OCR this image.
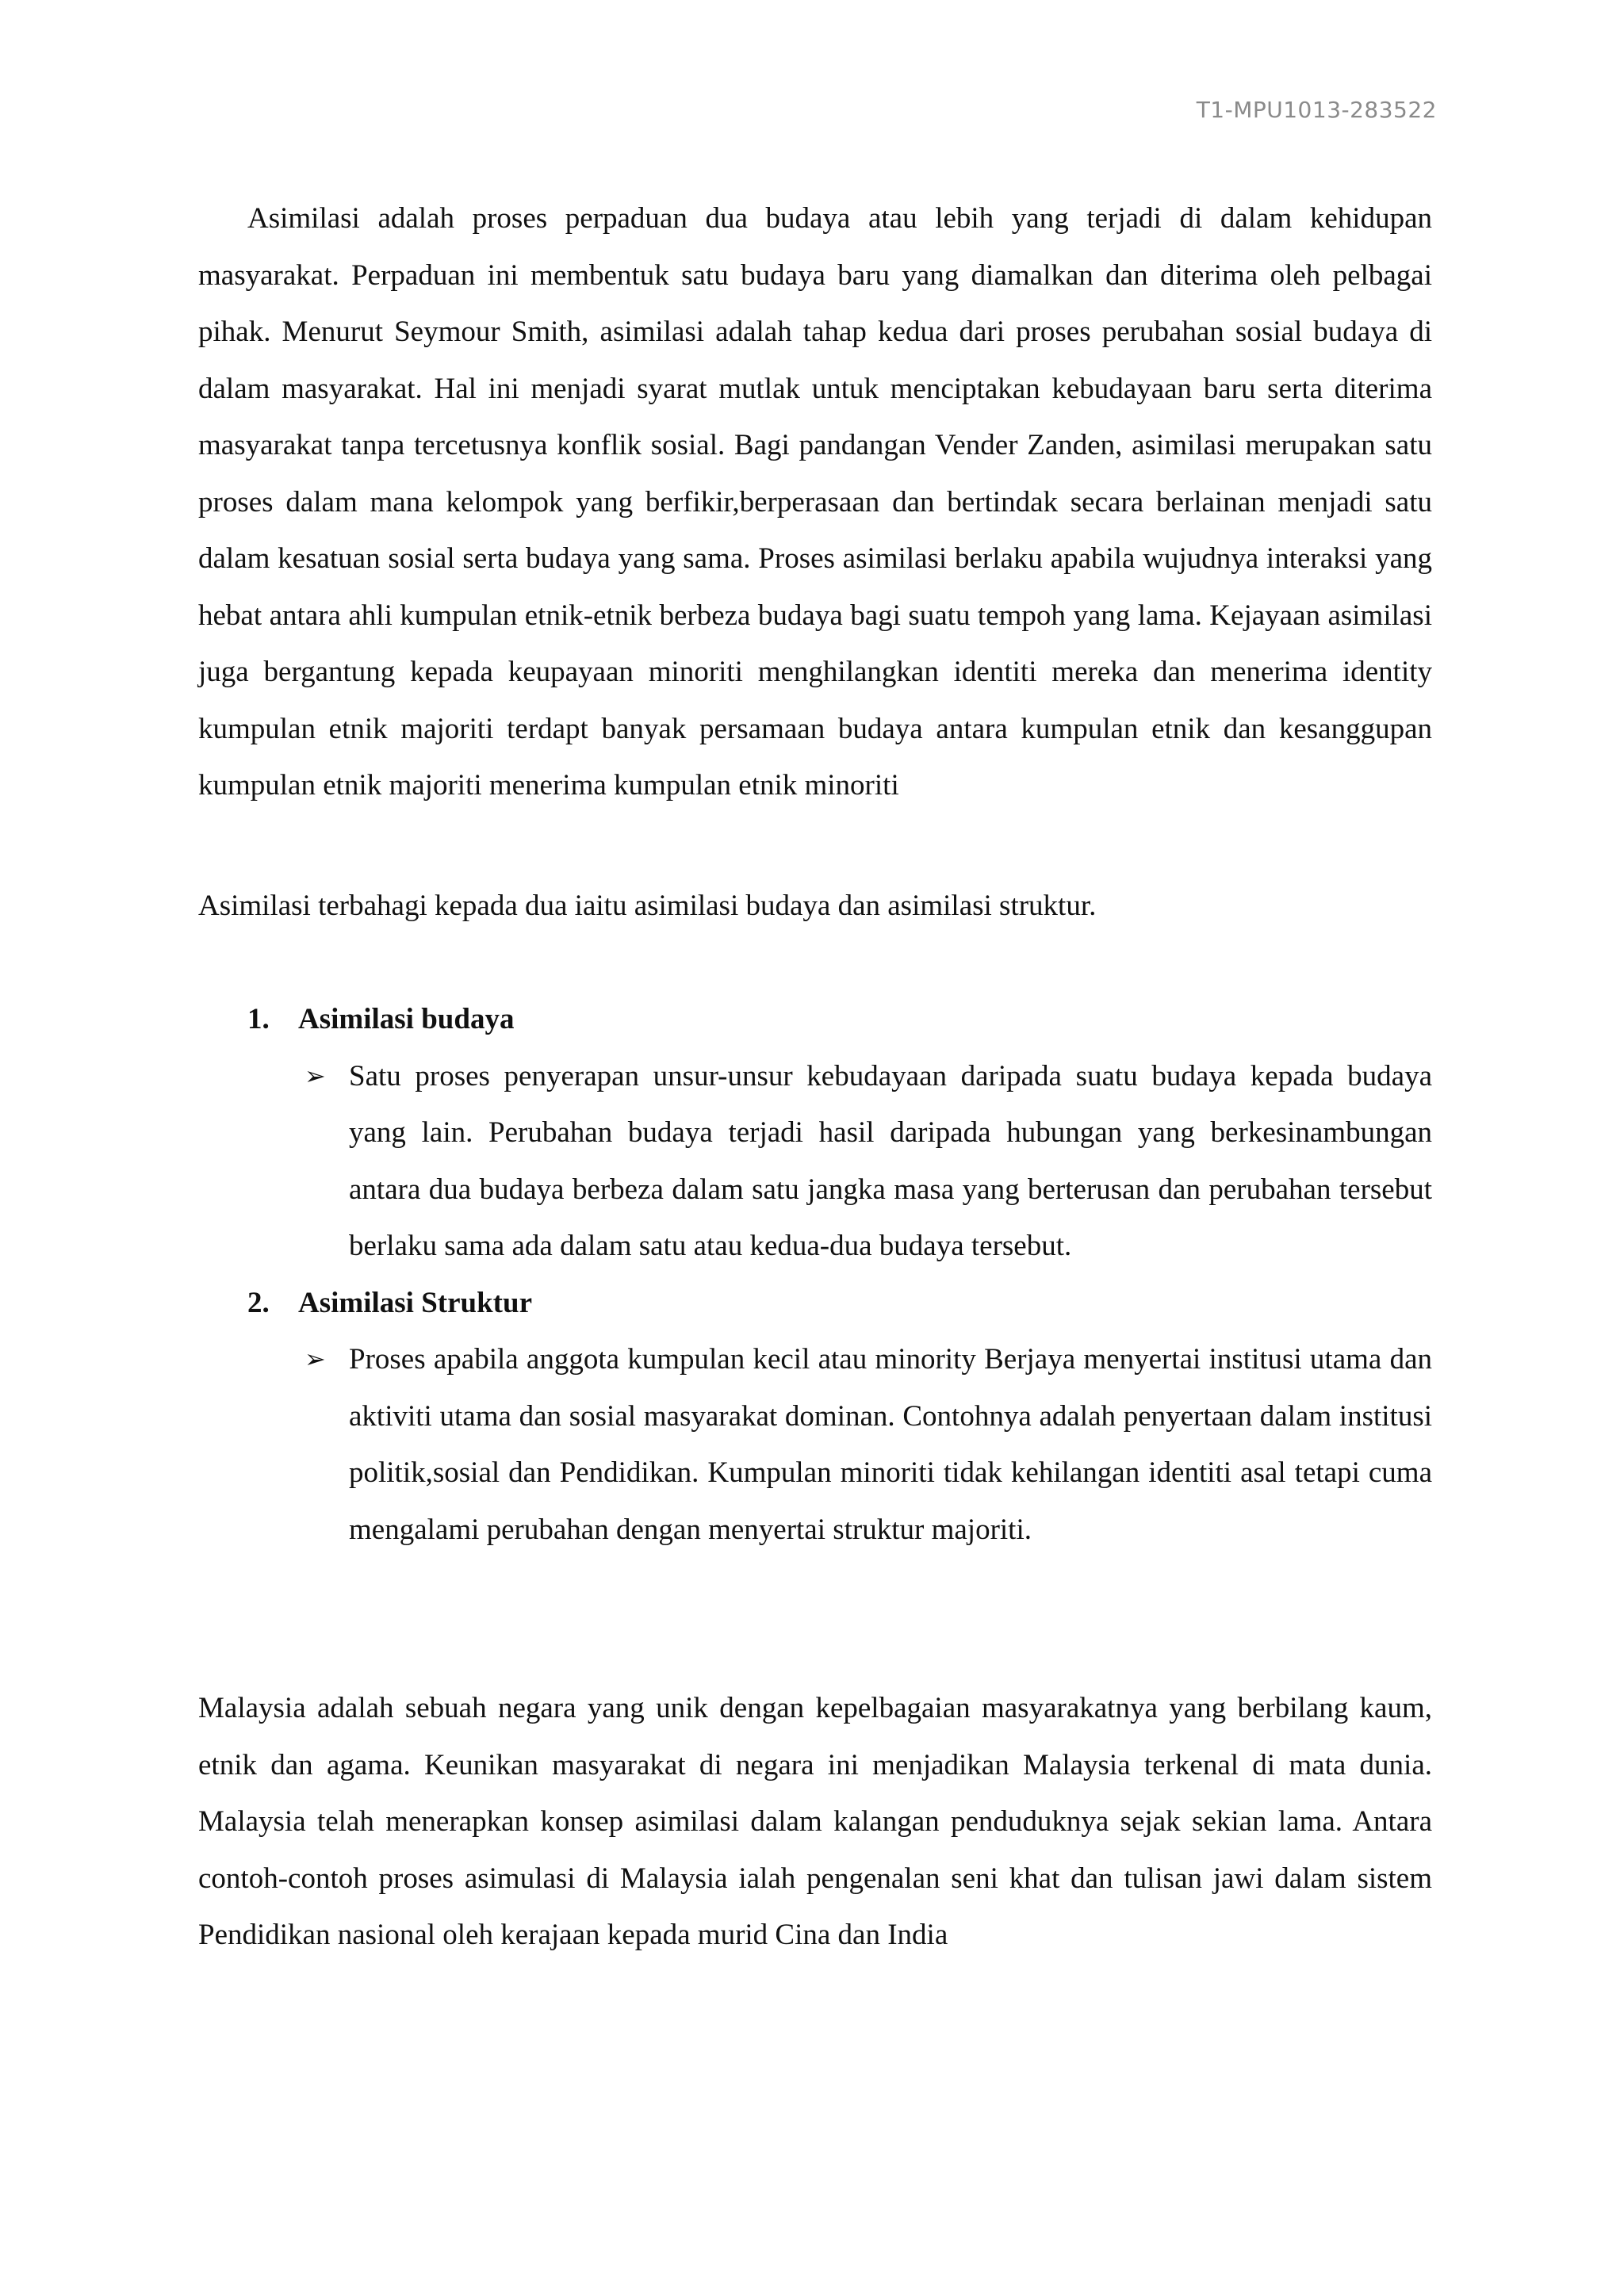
T1-MPU1013-283522

Asimilasi adalah proses perpaduan dua budaya atau lebih yang terjadi di dalam kehidupan masyarakat. Perpaduan ini membentuk satu budaya baru yang diamalkan dan diterima oleh pelbagai pihak. Menurut Seymour Smith, asimilasi adalah tahap kedua dari proses perubahan sosial budaya di dalam masyarakat. Hal ini menjadi syarat mutlak untuk menciptakan kebudayaan baru serta diterima masyarakat tanpa tercetusnya konflik sosial. Bagi pandangan Vender Zanden, asimilasi merupakan satu proses dalam mana kelompok yang berfikir,berperasaan dan bertindak secara berlainan menjadi satu dalam kesatuan sosial serta budaya yang sama. Proses asimilasi berlaku apabila wujudnya interaksi yang hebat antara ahli kumpulan etnik-etnik berbeza budaya bagi suatu tempoh yang lama. Kejayaan asimilasi juga bergantung kepada keupayaan minoriti menghilangkan identiti mereka dan menerima identity kumpulan etnik majoriti terdapt banyak persamaan budaya antara kumpulan etnik dan kesanggupan kumpulan etnik majoriti menerima kumpulan etnik minoriti

Asimilasi terbahagi kepada dua iaitu asimilasi budaya dan asimilasi struktur.

1. Asimilasi budaya
➢ Satu proses penyerapan unsur-unsur kebudayaan daripada suatu budaya kepada budaya yang lain. Perubahan budaya terjadi hasil daripada hubungan yang berkesinambungan antara dua budaya berbeza dalam satu jangka masa yang berterusan dan perubahan tersebut berlaku sama ada dalam satu atau kedua-dua budaya tersebut.
2. Asimilasi Struktur
➢ Proses apabila anggota kumpulan kecil atau minority Berjaya menyertai institusi utama dan aktiviti utama dan sosial masyarakat dominan. Contohnya adalah penyertaan dalam institusi politik,sosial dan Pendidikan. Kumpulan minoriti tidak kehilangan identiti asal tetapi cuma mengalami perubahan dengan menyertai struktur majoriti.

Malaysia adalah sebuah negara yang unik dengan kepelbagaian masyarakatnya yang berbilang kaum, etnik dan agama. Keunikan masyarakat di negara ini menjadikan Malaysia terkenal di mata dunia. Malaysia telah menerapkan konsep asimilasi dalam kalangan penduduknya sejak sekian lama. Antara contoh-contoh proses asimulasi di Malaysia ialah pengenalan seni khat dan tulisan jawi dalam sistem Pendidikan nasional oleh kerajaan kepada murid Cina dan India
